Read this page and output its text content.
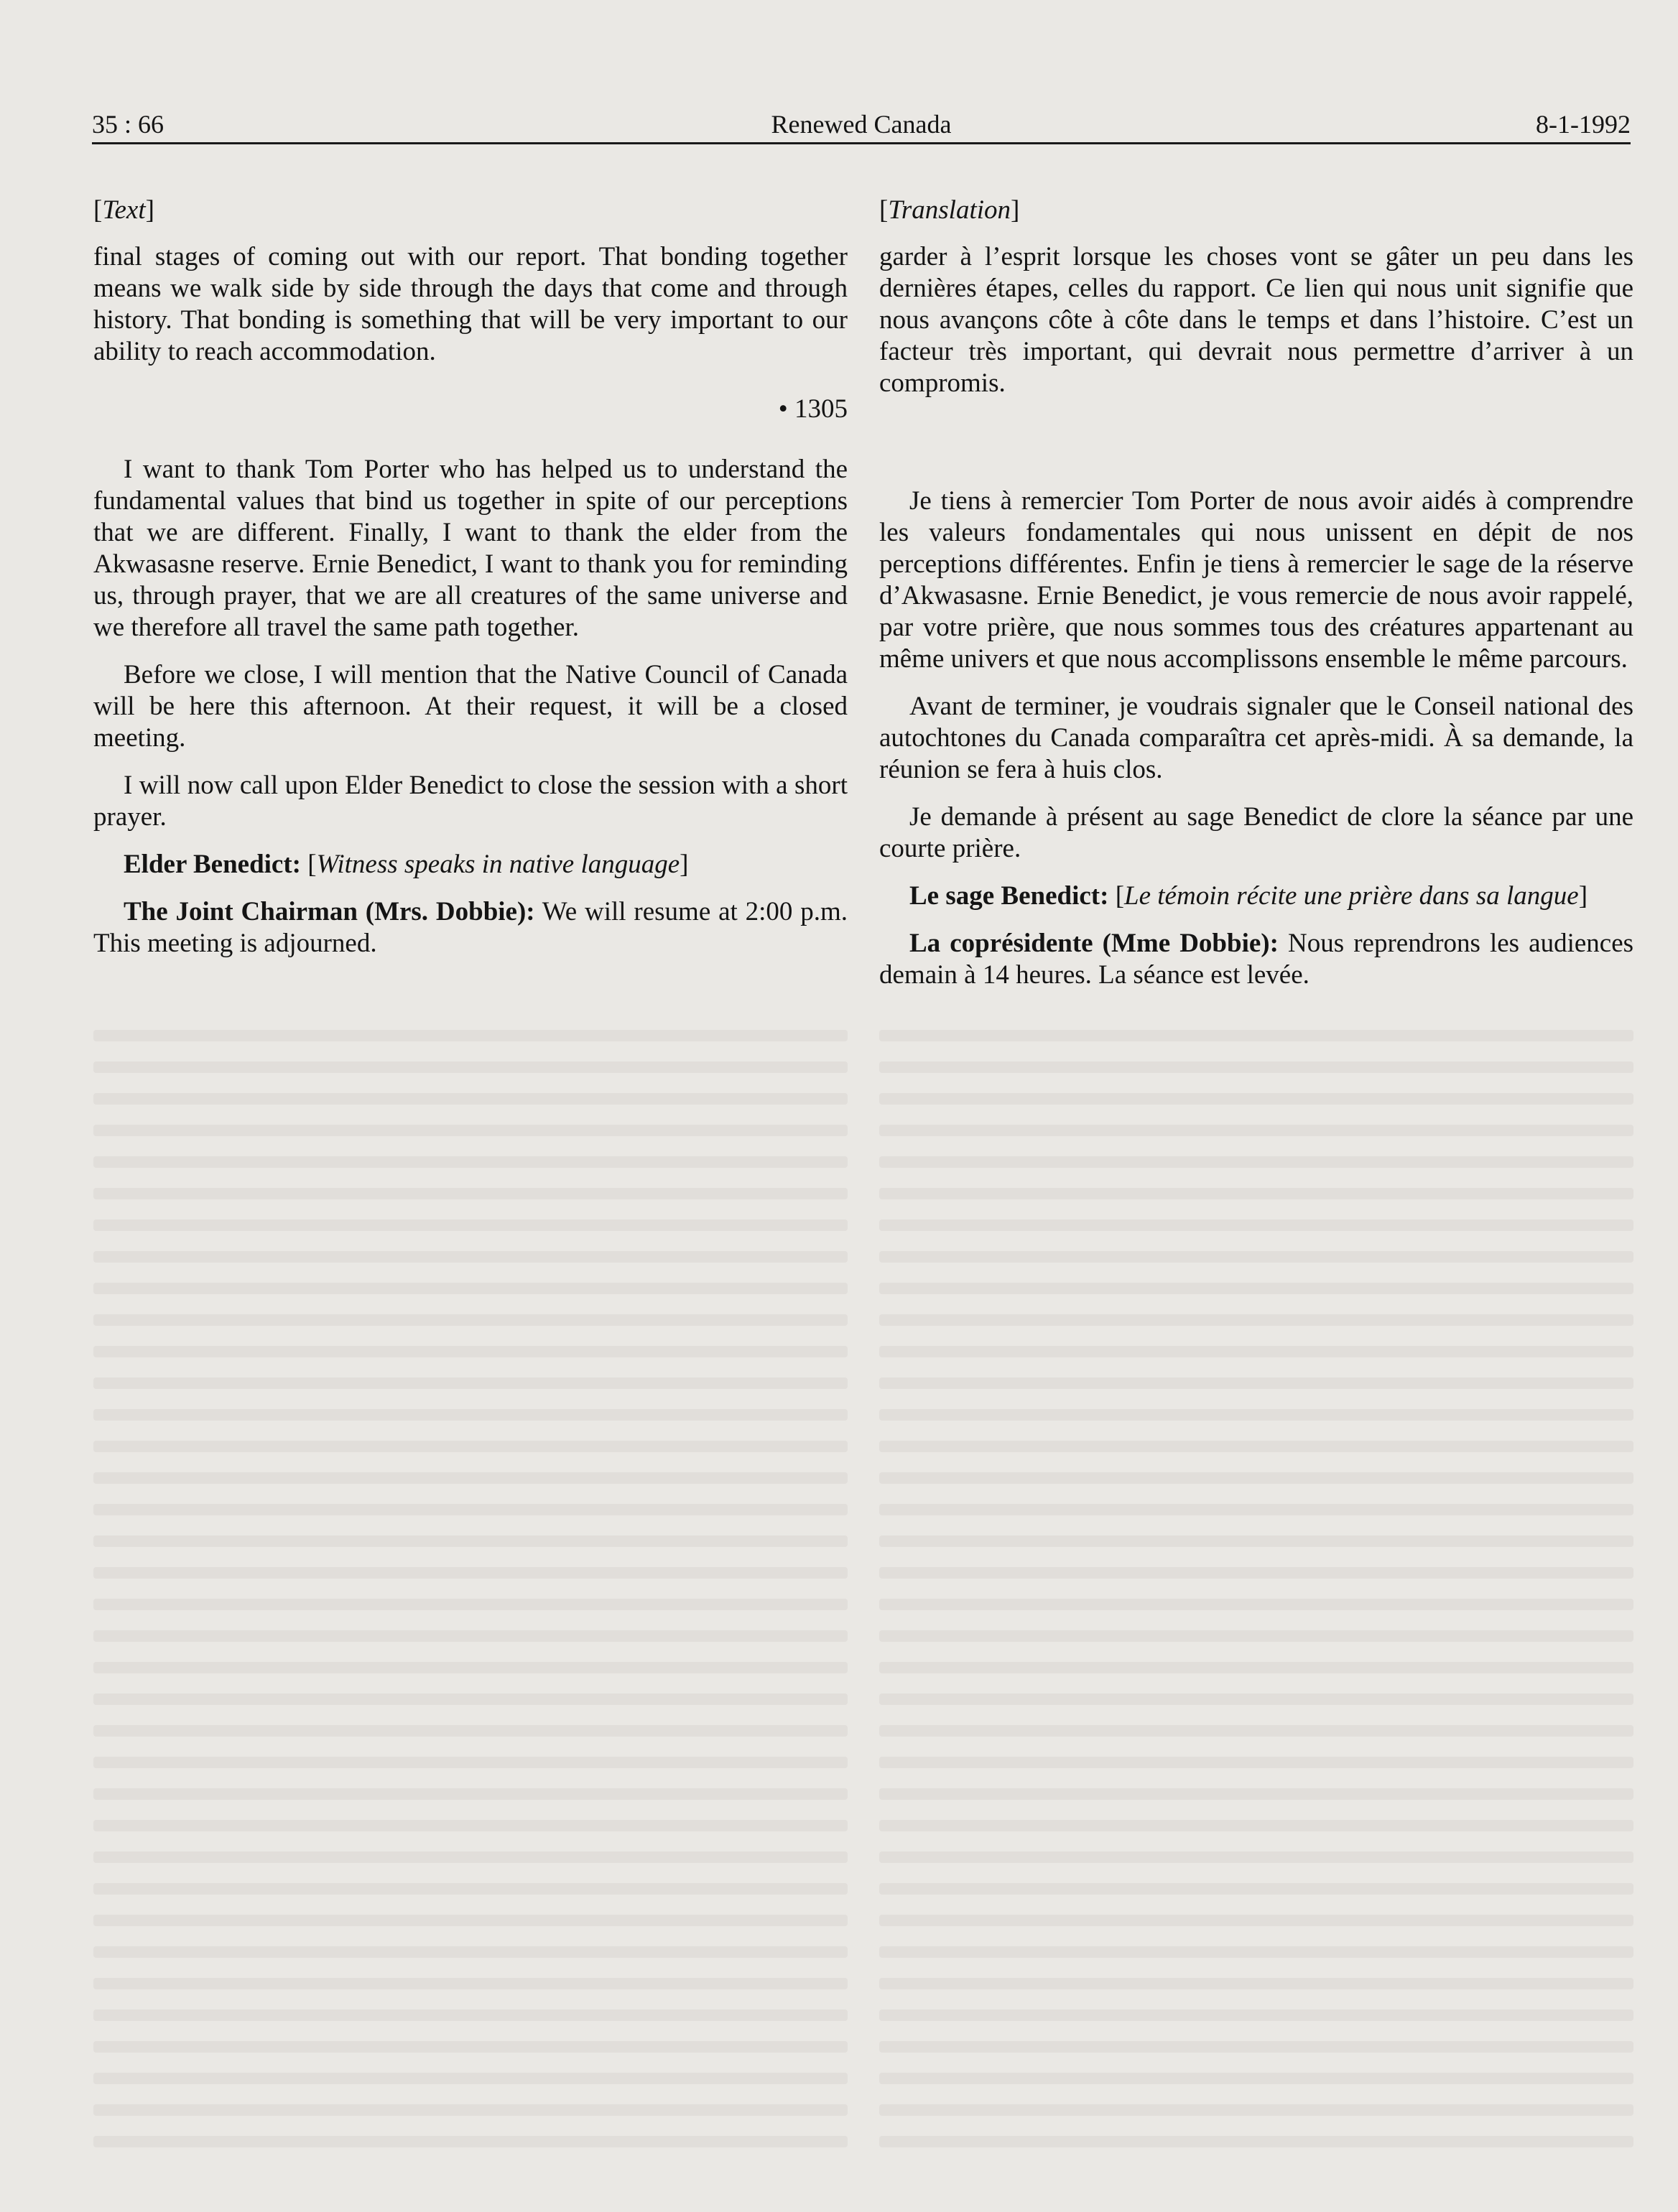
35 : 66	Renewed Canada	8-1-1992
[Text]

final stages of coming out with our report. That bonding together means we walk side by side through the days that come and through history. That bonding is something that will be very important to our ability to reach accommodation.

• 1305

I want to thank Tom Porter who has helped us to understand the fundamental values that bind us together in spite of our perceptions that we are different. Finally, I want to thank the elder from the Akwasasne reserve. Ernie Benedict, I want to thank you for reminding us, through prayer, that we are all creatures of the same universe and we therefore all travel the same path together.

Before we close, I will mention that the Native Council of Canada will be here this afternoon. At their request, it will be a closed meeting.

I will now call upon Elder Benedict to close the session with a short prayer.

Elder Benedict: [Witness speaks in native language]

The Joint Chairman (Mrs. Dobbie): We will resume at 2:00 p.m. This meeting is adjourned.

[Translation]

garder à l’esprit lorsque les choses vont se gâter un peu dans les dernières étapes, celles du rapport. Ce lien qui nous unit signifie que nous avançons côte à côte dans le temps et dans l’histoire. C’est un facteur très important, qui devrait nous permettre d’arriver à un compromis.

Je tiens à remercier Tom Porter de nous avoir aidés à comprendre les valeurs fondamentales qui nous unissent en dépit de nos perceptions différentes. Enfin je tiens à remercier le sage de la réserve d’Akwasasne. Ernie Benedict, je vous remercie de nous avoir rappelé, par votre prière, que nous sommes tous des créatures appartenant au même univers et que nous accomplissons ensemble le même parcours.

Avant de terminer, je voudrais signaler que le Conseil national des autochtones du Canada comparaîtra cet après-midi. À sa demande, la réunion se fera à huis clos.

Je demande à présent au sage Benedict de clore la séance par une courte prière.

Le sage Benedict: [Le témoin récite une prière dans sa langue]

La coprésidente (Mme Dobbie): Nous reprendrons les audiences demain à 14 heures. La séance est levée.
